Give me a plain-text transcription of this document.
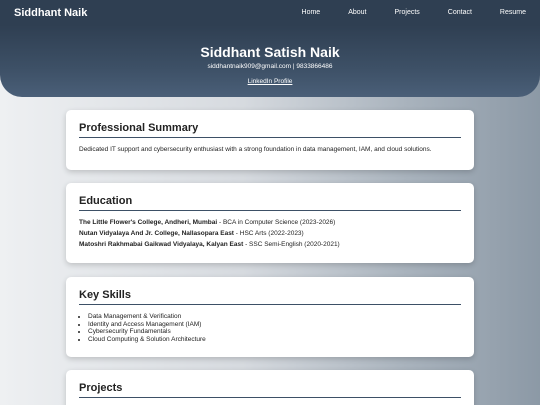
Siddhant Naik	Home	About	Projects	Contact	Resume
Siddhant Satish Naik
siddhantnaik909@gmail.com | 9833866486
LinkedIn Profile
Professional Summary

Dedicated IT support and cybersecurity enthusiast with a strong foundation in data management, IAM, and cloud solutions.

Education
The Little Flower's College, Andheri, Mumbai - BCA in Computer Science (2023-2026)
Nutan Vidyalaya And Jr. College, Nallasopara East - HSC Arts (2022-2023)
Matoshri Rakhmabai Gaikwad Vidyalaya, Kalyan East - SSC Semi-English (2020-2021)
Key Skills
• Data Management & Verification
• Identity and Access Management (IAM)
• Cybersecurity Fundamentals
• Cloud Computing & Solution Architecture
Projects
